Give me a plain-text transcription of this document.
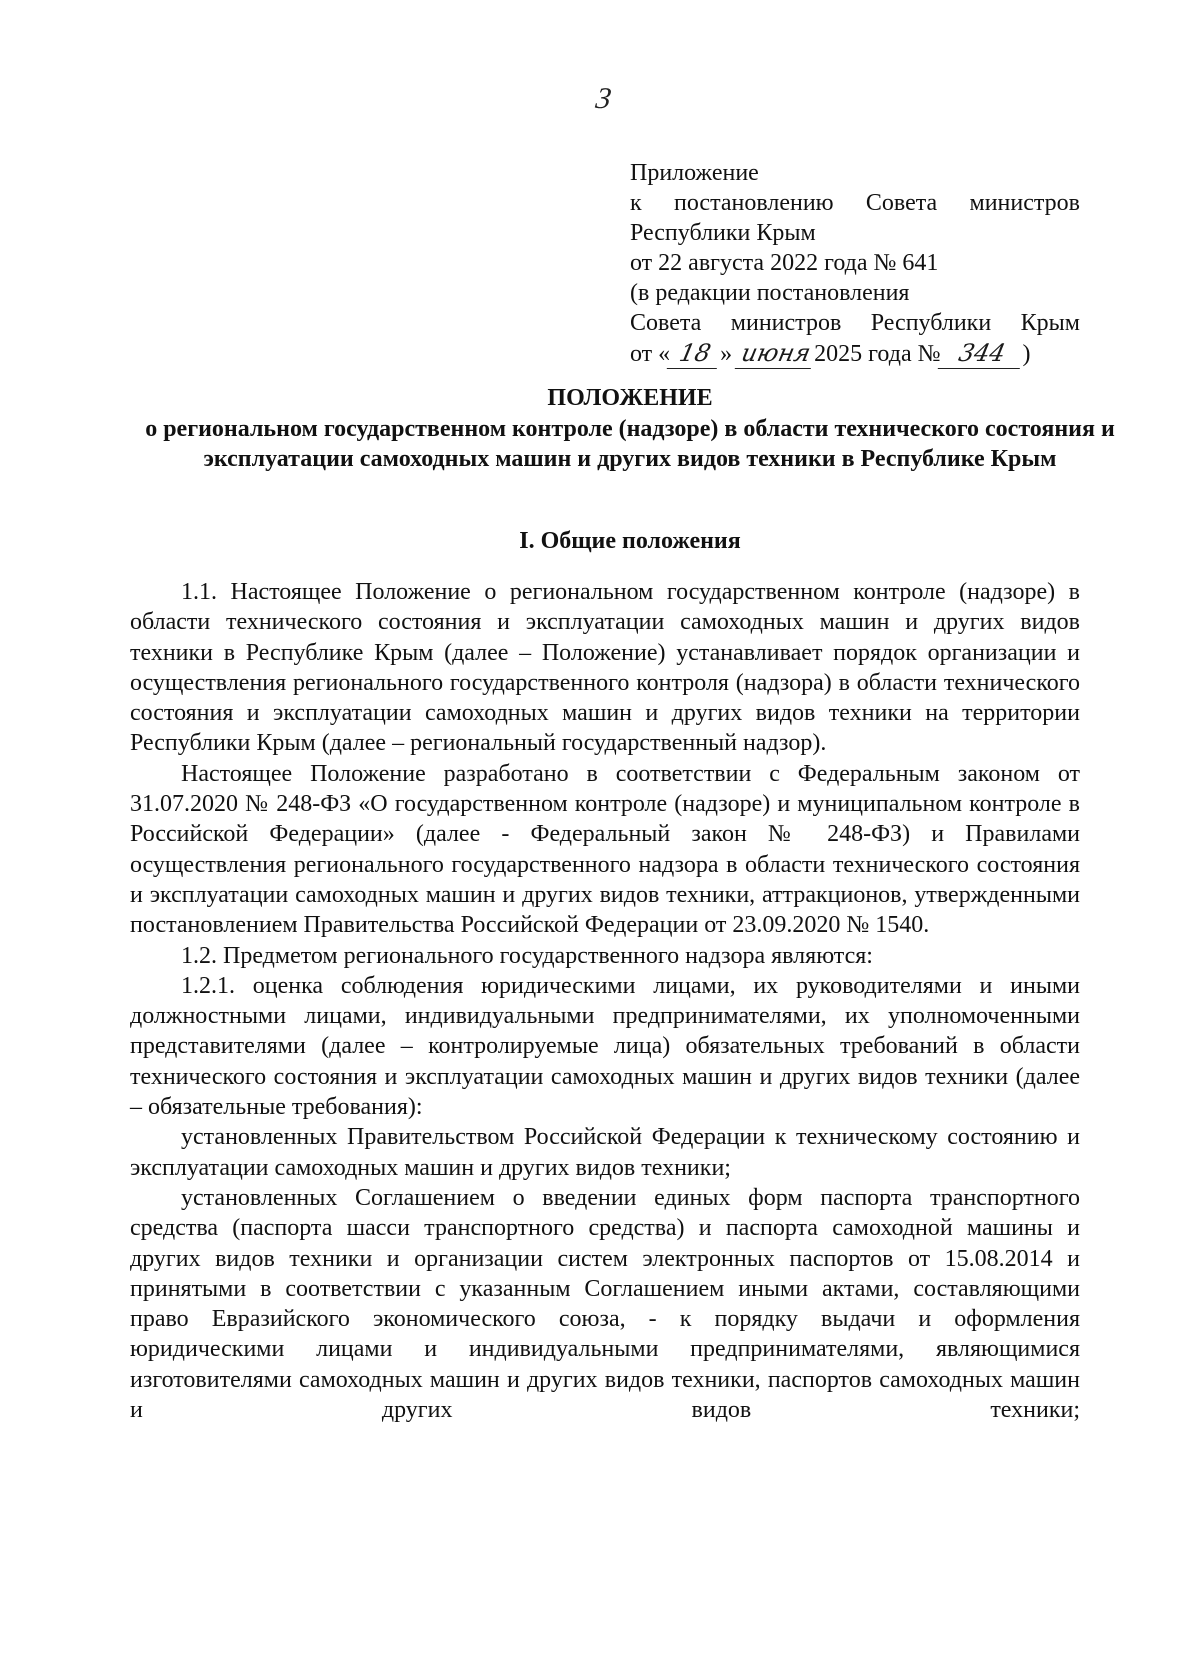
3
Приложение
к постановлению Совета министров
Республики Крым
от 22 августа 2022 года № 641
(в редакции постановления
Совета министров Республики Крым
от « 18 » июня2025 года № 344 )
ПОЛОЖЕНИЕ
о региональном государственном контроле (надзоре) в области технического состояния и эксплуатации самоходных машин и других видов техники в Республике Крым
I. Общие положения

1.1. Настоящее Положение о региональном государственном контроле (надзоре) в области технического состояния и эксплуатации самоходных машин и других видов техники в Республике Крым (далее – Положение) устанавливает порядок организации и осуществления регионального государственного контроля (надзора) в области технического состояния и эксплуатации самоходных машин и других видов техники на территории Республики Крым (далее – региональный государственный надзор).

Настоящее Положение разработано в соответствии с Федеральным законом от 31.07.2020 № 248-ФЗ «О государственном контроле (надзоре) и муниципальном контроле в Российской Федерации» (далее - Федеральный закон № 248-ФЗ) и Правилами осуществления регионального государственного надзора в области технического состояния и эксплуатации самоходных машин и других видов техники, аттракционов, утвержденными постановлением Правительства Российской Федерации от 23.09.2020 № 1540.

1.2. Предметом регионального государственного надзора являются:

1.2.1. оценка соблюдения юридическими лицами, их руководителями и иными должностными лицами, индивидуальными предпринимателями, их уполномоченными представителями (далее – контролируемые лица) обязательных требований в области технического состояния и эксплуатации самоходных машин и других видов техники (далее – обязательные требования):

установленных Правительством Российской Федерации к техническому состоянию и эксплуатации самоходных машин и других видов техники;

установленных Соглашением о введении единых форм паспорта транспортного средства (паспорта шасси транспортного средства) и паспорта самоходной машины и других видов техники и организации систем электронных паспортов от 15.08.2014 и принятыми в соответствии с указанным Соглашением иными актами, составляющими право Евразийского экономического союза, - к порядку выдачи и оформления юридическими лицами и индивидуальными предпринимателями, являющимися изготовителями самоходных машин и других видов техники, паспортов самоходных машин и других видов техники;
